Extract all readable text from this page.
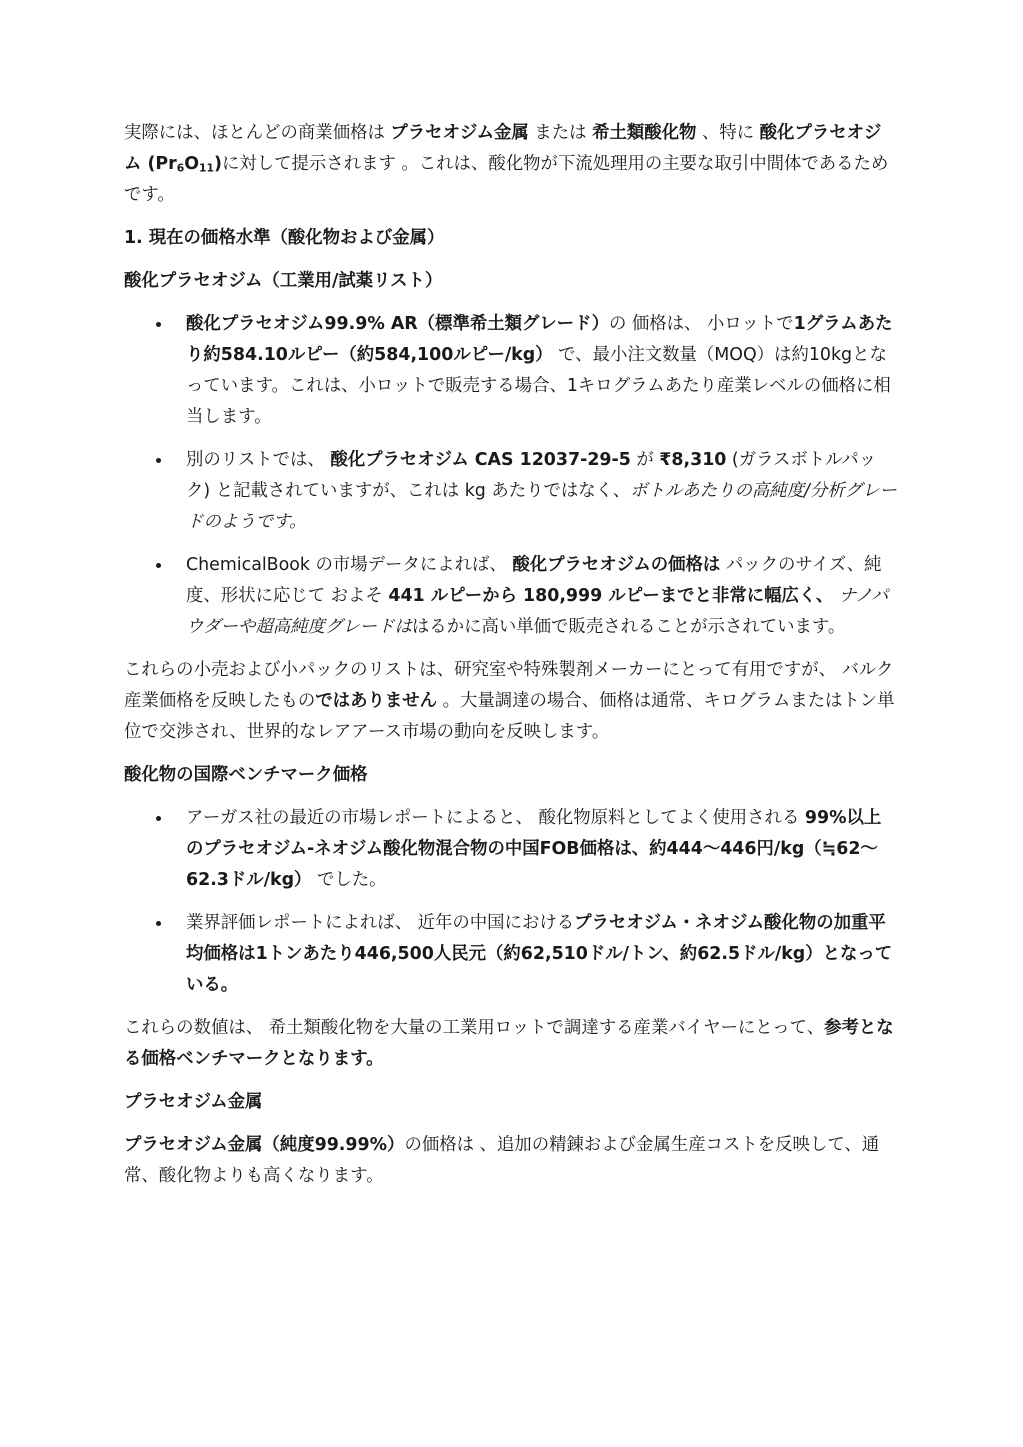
実際には、ほとんどの商業価格は プラセオジム金属 または 希土類酸化物 、特に 酸化プラセオジム $(Pr_6O_{11})$に対して提示されます 。これは、酸化物が下流処理用の主要な取引中間体であるためです。

1. 現在の価格水準（酸化物および金属）

酸化プラセオジム（工業用/試薬リスト）

酸化プラセオジム99.9% AR（標準希土類グレード）の 価格は、 小ロットで1グラムあたり約584.10ルピー（約584,100ルピー/kg） で、最小注文数量（MOQ）は約10kgとなっています。これは、小ロットで販売する場合、1キログラムあたり産業レベルの価格に相当します。
別のリストでは、 酸化プラセオジム CAS 12037-29-5 が ₹8,310 (ガラスボトルパック) と記載されていますが、これは kg あたりではなく、ボトルあたりの高純度/分析グレードのようです。
ChemicalBook の市場データによれば、 酸化プラセオジムの価格は パックのサイズ、純度、形状に応じて およそ 441 ルピーから 180,999 ルピーまでと非常に幅広く、 ナノパウダーや超高純度グレードははるかに高い単価で販売されることが示されています。

これらの小売および小パックのリストは、研究室や特殊製剤メーカーにとって有用ですが、 バルク産業価格を反映したものではありません 。大量調達の場合、価格は通常、キログラムまたはトン単位で交渉され、世界的なレアアース市場の動向を反映します。

酸化物の国際ベンチマーク価格

アーガス社の最近の市場レポートによると、 酸化物原料としてよく使用される 99%以上のプラセオジム-ネオジム酸化物混合物の中国FOB価格は、約444～446円/kg（≒62～62.3ドル/kg） でした。
業界評価レポートによれば、 近年の中国におけるプラセオジム・ネオジム酸化物の加重平均価格は1トンあたり446,500人民元（約62,510ドル/トン、約62.5ドル/kg）となっている。

これらの数値は、 希土類酸化物を大量の工業用ロットで調達する産業バイヤーにとって、参考となる価格ベンチマークとなります。

プラセオジム金属

プラセオジム金属（純度99.99%）の価格は 、追加の精錬および金属生産コストを反映して、通常、酸化物よりも高くなります。
